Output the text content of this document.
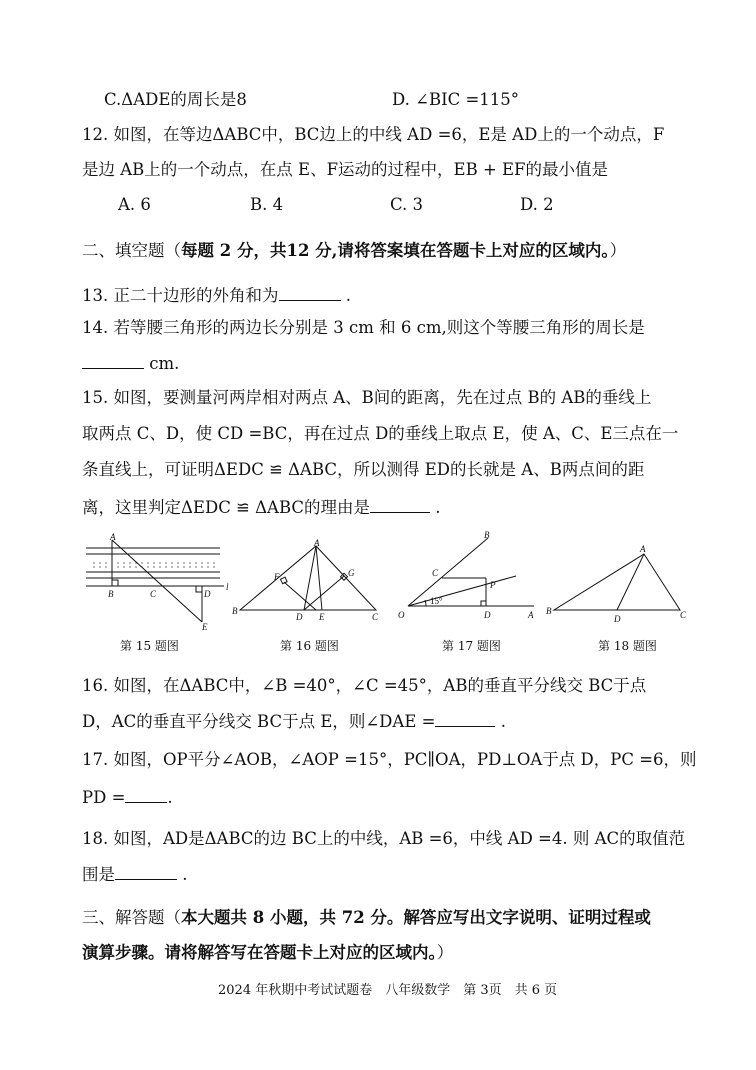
C.ΔADE的周长是8	D. ∠BIC =115°
12. 如图，在等边ΔABC中，BC边上的中线 AD =6，E是 AD上的一个动点，F
是边 AB上的一个动点，在点 E、F运动的过程中，EB + EF的最小值是
A. 6	B. 4	C. 3	D. 2
二、填空题（每题 2 分，共12 分,请将答案填在答题卡上对应的区域内。）
13. 正二十边形的外角和为	.
14. 若等腰三角形的两边长分别是 3 cm 和 6 cm,则这个等腰三角形的周长是
cm.
15. 如图，要测量河两岸相对两点 A、B间的距离，先在过点 B的 AB的垂线上
取两点 C、D，使 CD =BC，再在过点 D的垂线上取点 E，使 A、C、E三点在一
条直线上，可证明ΔEDC ≌ ΔABC，所以测得 ED的长就是 A、B两点间的距
离，这里判定ΔEDC ≌ ΔABC的理由是	.
A
B	C	D
E
l
第 15 题图
A
B
C
D E
F	G
第 16 题图
O	A
B
C
D
P
15°
第 17 题图
A
B	C
D
第 18 题图
16. 如图，在ΔABC中，∠B =40°，∠C =45°，AB的垂直平分线交 BC于点
D，AC的垂直平分线交 BC于点 E，则∠DAE =	.
17. 如图，OP平分∠AOB，∠AOP =15°，PC∥OA，PD⊥OA于点 D，PC =6，则
PD =	.
18. 如图，AD是ΔABC的边 BC上的中线，AB =6，中线 AD =4. 则 AC的取值范
围是	.
三、解答题（本大题共 8 小题，共 72 分。解答应写出文字说明、证明过程或
演算步骤。请将解答写在答题卡上对应的区域内。）
2024 年秋期中考试试题卷　八年级数学　第 3页　共 6 页
